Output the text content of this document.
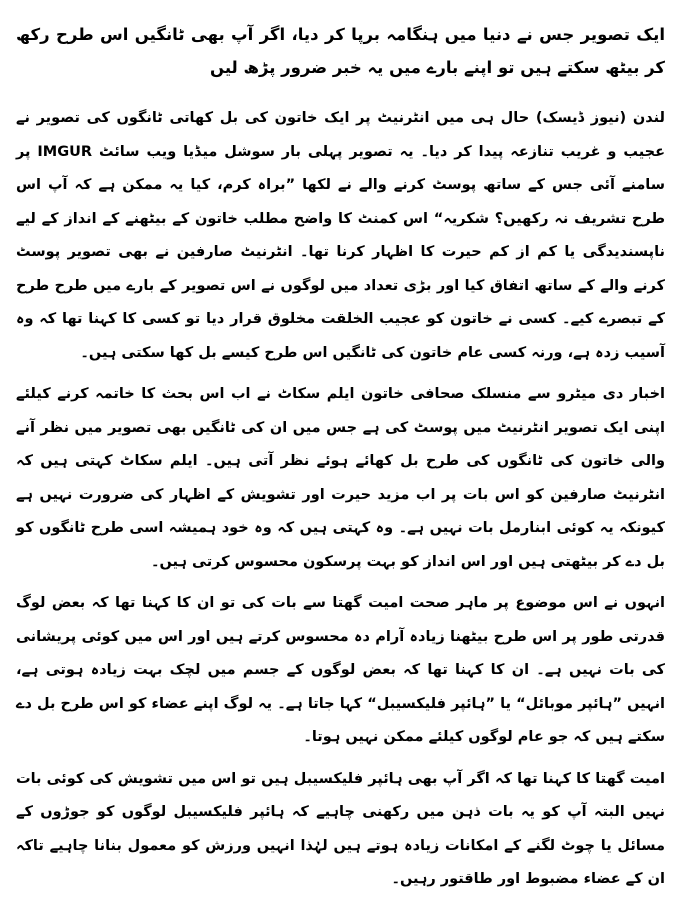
ایک تصویر جس نے دنیا میں ہنگامہ برپا کر دیا، اگر آپ بھی ٹانگیں اس طرح رکھ کر بیٹھ سکتے ہیں تو اپنے بارے میں یہ خبر ضرور پڑھ لیں

لندن (نیوز ڈیسک) حال ہی میں انٹرنیٹ پر ایک خاتون کی بل کھاتی ٹانگوں کی تصویر نے عجیب و غریب تنازعہ پیدا کر دیا۔ یہ تصویر پہلی بار سوشل میڈیا ویب سائٹ IMGUR پر سامنے آئی جس کے ساتھ پوسٹ کرنے والے نے لکھا ”براہ کرم، کیا یہ ممکن ہے کہ آپ اس طرح تشریف نہ رکھیں؟ شکریہ“ اس کمنٹ کا واضح مطلب خاتون کے بیٹھنے کے انداز کے لیے ناپسندیدگی یا کم از کم حیرت کا اظہار کرنا تھا۔ انٹرنیٹ صارفین نے بھی تصویر پوسٹ کرنے والے کے ساتھ اتفاق کیا اور بڑی تعداد میں لوگوں نے اس تصویر کے بارے میں طرح طرح کے تبصرے کیے۔ کسی نے خاتون کو عجیب الخلقت مخلوق قرار دیا تو کسی کا کہنا تھا کہ وہ آسیب زدہ ہے، ورنہ کسی عام خاتون کی ٹانگیں اس طرح کیسے بل کھا سکتی ہیں۔

اخبار دی میٹرو سے منسلک صحافی خاتون ایلم سکاٹ نے اب اس بحث کا خاتمہ کرنے کیلئے اپنی ایک تصویر انٹرنیٹ میں پوسٹ کی ہے جس میں ان کی ٹانگیں بھی تصویر میں نظر آنے والی خاتون کی ٹانگوں کی طرح بل کھائے ہوئے نظر آتی ہیں۔ ایلم سکاٹ کہتی ہیں کہ انٹرنیٹ صارفین کو اس بات پر اب مزید حیرت اور تشویش کے اظہار کی ضرورت نہیں ہے کیونکہ یہ کوئی ابنارمل بات نہیں ہے۔ وہ کہتی ہیں کہ وہ خود ہمیشہ اسی طرح ٹانگوں کو بل دے کر بیٹھتی ہیں اور اس انداز کو بہت پرسکون محسوس کرتی ہیں۔

انہوں نے اس موضوع پر ماہر صحت امیت گھتا سے بات کی تو ان کا کہنا تھا کہ بعض لوگ قدرتی طور پر اس طرح بیٹھنا زیادہ آرام دہ محسوس کرتے ہیں اور اس میں کوئی پریشانی کی بات نہیں ہے۔ ان کا کہنا تھا کہ بعض لوگوں کے جسم میں لچک بہت زیادہ ہوتی ہے، انہیں ”ہائپر موبائل“ یا ”ہائپر فلیکسیبل“ کہا جاتا ہے۔ یہ لوگ اپنے عضاء کو اس طرح بل دے سکتے ہیں کہ جو عام لوگوں کیلئے ممکن نہیں ہوتا۔

امیت گھتا کا کہنا تھا کہ اگر آپ بھی ہائپر فلیکسیبل ہیں تو اس میں تشویش کی کوئی بات نہیں البتہ آپ کو یہ بات ذہن میں رکھنی چاہیے کہ ہائپر فلیکسیبل لوگوں کو جوڑوں کے مسائل یا چوٹ لگنے کے امکانات زیادہ ہوتے ہیں لہٰذا انہیں ورزش کو معمول بنانا چاہیے تاکہ ان کے عضاء مضبوط اور طاقتور رہیں۔
